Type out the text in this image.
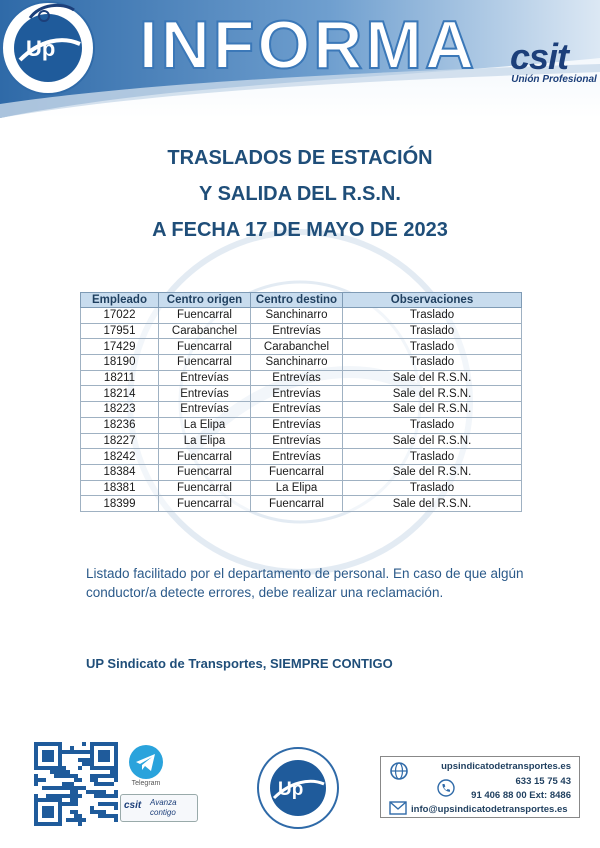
Up INFORMA csit
Unión Profesional
TRASLADOS DE ESTACIÓN
Y SALIDA DEL R.S.N.
A FECHA 17 DE MAYO DE 2023
Empleado	Centro origen	Centro destino	Observaciones
17022	Fuencarral	Sanchinarro	Traslado
17951	Carabanchel	Entrevías	Traslado
17429	Fuencarral	Carabanchel	Traslado
18190	Fuencarral	Sanchinarro	Traslado
18211	Entrevías	Entrevías	Sale del R.S.N.
18214	Entrevías	Entrevías	Sale del R.S.N.
18223	Entrevías	Entrevías	Sale del R.S.N.
18236	La Elipa	Entrevías	Traslado
18227	La Elipa	Entrevías	Sale del R.S.N.
18242	Fuencarral	Entrevías	Traslado
18384	Fuencarral	Fuencarral	Sale del R.S.N.
18381	Fuencarral	La Elipa	Traslado
18399	Fuencarral	Fuencarral	Sale del R.S.N.
Listado facilitado por el departamento de personal. En caso de que algún conductor/a detecte errores, debe realizar una reclamación.
UP Sindicato de Transportes, SIEMPRE CONTIGO
Telegram
csit Avanza contigo
Up
upsindicatodetransportes.es
633 15 75 43
91 406 88 00 Ext: 8486
info@upsindicatodetransportes.es
